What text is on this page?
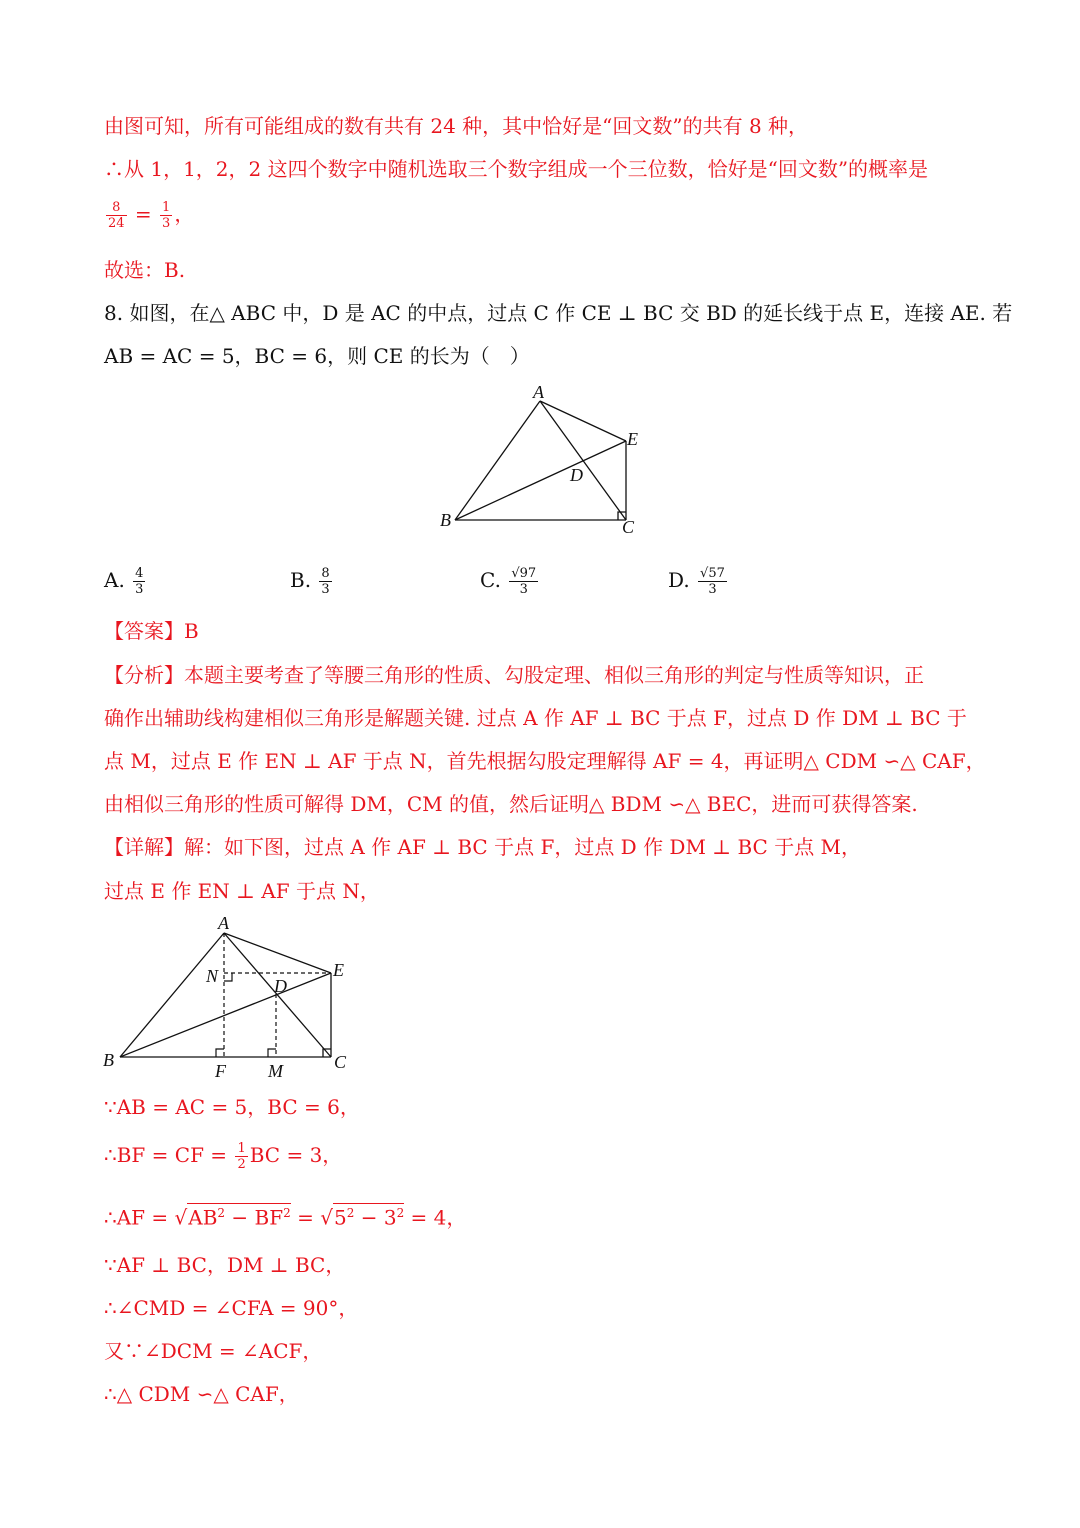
由图可知，所有可能组成的数有共有 24 种，其中恰好是“回文数”的共有 8 种，
∴从 1，1，2，2 这四个数字中随机选取三个数字组成一个三位数，恰好是“回文数”的概率是
$\frac{8}{24} = \frac{1}{3}$ ，
故选：B.
8. 如图，在△ ABC 中，D 是 AC 的中点，过点 C 作 CE ⊥ BC 交 BD 的延长线于点 E，连接 AE. 若
AB = AC = 5，BC = 6，则 CE 的长为（　）
A
B	C
D
E
A. $\frac{4}{3}$	B. $\frac{8}{3}$	C. $\frac{√97}{3}$	D. $\frac{√57}{3}$
【答案】B
【分析】本题主要考查了等腰三角形的性质、勾股定理、相似三角形的判定与性质等知识，正
确作出辅助线构建相似三角形是解题关键. 过点 A 作 AF ⊥ BC 于点 F，过点 D 作 DM ⊥ BC 于
点 M，过点 E 作 EN ⊥ AF 于点 N，首先根据勾股定理解得 AF = 4，再证明△ CDM ∽△ CAF，
由相似三角形的性质可解得 DM，CM 的值，然后证明△ BDM ∽△ BEC，进而可获得答案.
【详解】解：如下图，过点 A 作 AF ⊥ BC 于点 F，过点 D 作 DM ⊥ BC 于点 M，
过点 E 作 EN ⊥ AF 于点 N，
A
B	C
D
E
F M
N
∵AB = AC = 5，BC = 6，
∴BF = CF = $\frac{1}{2}$ BC = 3，
∴AF = $√AB^2 - BF^2 = √5^2 - 3^2 = 4$，
∵AF ⊥ BC，DM ⊥ BC，
∴∠CMD = ∠CFA = 90°，
又∵∠DCM = ∠ACF，
∴△ CDM ∽△ CAF，
